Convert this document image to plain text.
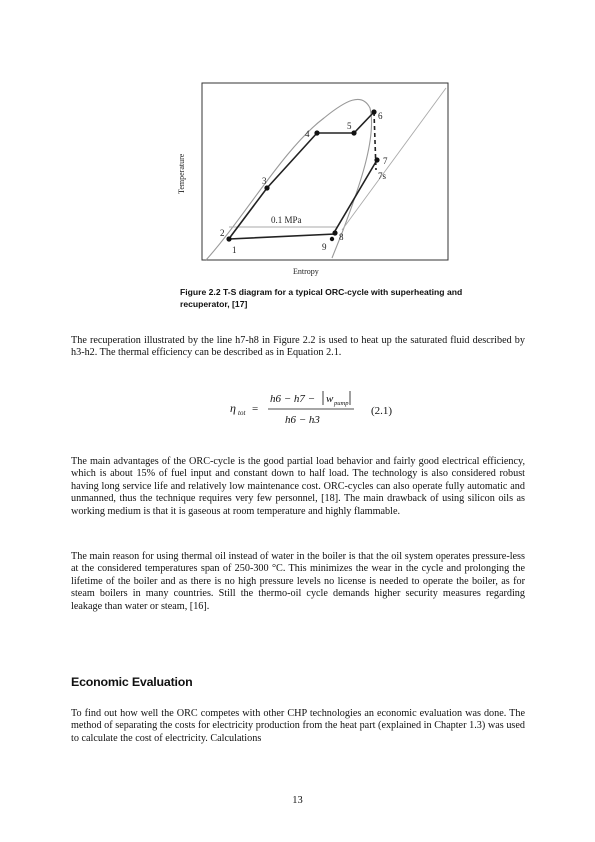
1
2
3
4
5
6
7
7s
8
9
0.1 MPa
Entropy
Temperature
Figure 2.2 T-S diagram for a typical ORC-cycle with superheating and recuperator, [17]

The recuperation illustrated by the line h7-h8 in Figure 2.2 is used to heat up the saturated fluid described by h3-h2. The thermal efficiency can be described as in Equation 2.1.

η tot =
h6 − h7 − w pump
h6 − h3
(2.1)

The main advantages of the ORC-cycle is the good partial load behavior and fairly good electrical efficiency, which is about 15% of fuel input and constant down to half load. The technology is also considered robust having long service life and relatively low maintenance cost. ORC-cycles can also operate fully automatic and unmanned, thus the technique requires very few personnel, [18]. The main drawback of using silicon oils as working medium is that it is gaseous at room temperature and highly flammable.

The main reason for using thermal oil instead of water in the boiler is that the oil system operates pressure-less at the considered temperatures span of 250-300 °C. This minimizes the wear in the cycle and prolonging the lifetime of the boiler and as there is no high pressure levels no license is needed to operate the boiler, as for steam boilers in many countries. Still the thermo-oil cycle demands higher security measures regarding leakage than water or steam, [16].

Economic Evaluation

To find out how well the ORC competes with other CHP technologies an economic evaluation was done. The method of separating the costs for electricity production from the heat part (explained in Chapter 1.3) was used to calculate the cost of electricity. Calculations

13
